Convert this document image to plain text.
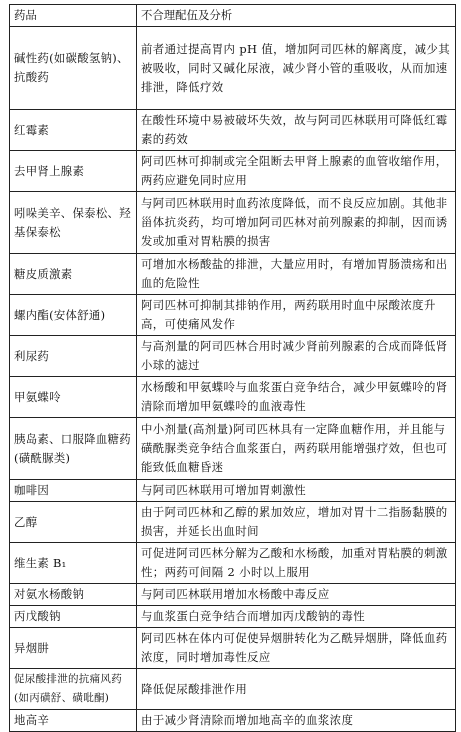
药品	不合理配伍及分析
碱性药(如碳酸氢钠)、抗酸药	前者通过提高胃内 pH 值，增加阿司匹林的解离度，减少其被吸收，同时又碱化尿液，减少肾小管的重吸收，从而加速排泄，降低疗效
红霉素	在酸性环境中易被破坏失效，故与阿司匹林联用可降低红霉素的药效
去甲肾上腺素	阿司匹林可抑制或完全阻断去甲肾上腺素的血管收缩作用，两药应避免同时应用
吲哚美辛、保泰松、羟基保泰松	与阿司匹林联用时血药浓度降低，而不良反应加剧。其他非甾体抗炎药，均可增加阿司匹林对前列腺素的抑制，因而诱发或加重对胃粘膜的损害
糖皮质激素	可增加水杨酸盐的排泄，大量应用时，有增加胃肠溃疡和出血的危险性
螺内酯(安体舒通)	阿司匹林可抑制其排钠作用，两药联用时血中尿酸浓度升高，可使痛风发作
利尿药	与高剂量的阿司匹林合用时减少肾前列腺素的合成而降低肾小球的滤过
甲氨蝶呤	水杨酸和甲氨蝶呤与血浆蛋白竞争结合，减少甲氨蝶呤的肾清除而增加甲氨蝶呤的血液毒性
胰岛素、口服降血糖药(磺酰脲类)	中小剂量(高剂量)阿司匹林具有一定降血糖作用，并且能与磺酰脲类竞争结合血浆蛋白，两药联用能增强疗效，但也可能致低血糖昏迷
咖啡因	与阿司匹林联用可增加胃刺激性
乙醇	由于阿司匹林和乙醇的累加效应，增加对胃十二指肠黏膜的损害，并延长出血时间
维生素 B₁	可促进阿司匹林分解为乙酸和水杨酸，加重对胃粘膜的刺激性；两药可间隔 2 小时以上服用
对氨水杨酸钠	与阿司匹林联用增加水杨酸中毒反应
丙戊酸钠	与血浆蛋白竞争结合而增加丙戊酸钠的毒性
异烟肼	阿司匹林在体内可促使异烟肼转化为乙酰异烟肼，降低血药浓度，同时增加毒性反应
促尿酸排泄的抗痛风药(如丙磺舒、磺吡酮)	降低促尿酸排泄作用
地高辛	由于减少肾清除而增加地高辛的血浆浓度
